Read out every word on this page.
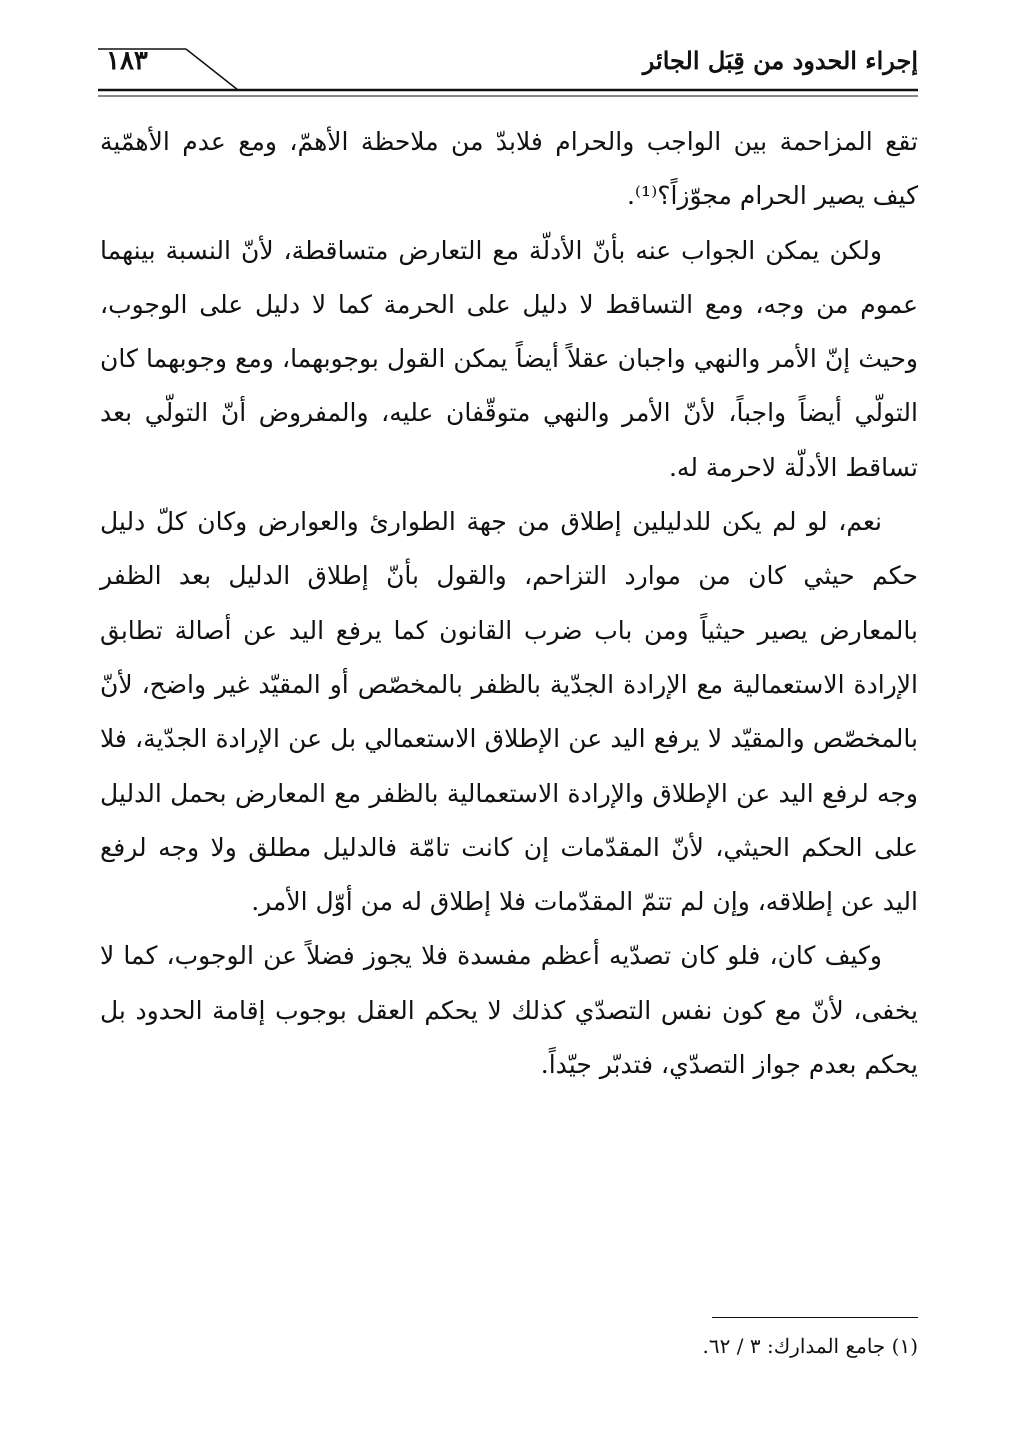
إجراء الحدود من قِبَل الجائر
١٨٣

تقع المزاحمة بين الواجب والحرام فلابدّ من ملاحظة الأهمّ، ومع عدم الأهمّية كيف يصير الحرام مجوّزاً؟⁽¹⁾.

ولكن يمكن الجواب عنه بأنّ الأدلّة مع التعارض متساقطة، لأنّ النسبة بينهما عموم من وجه، ومع التساقط لا دليل على الحرمة كما لا دليل على الوجوب، وحيث إنّ الأمر والنهي واجبان عقلاً أيضاً يمكن القول بوجوبهما، ومع وجوبهما كان التولّي أيضاً واجباً، لأنّ الأمر والنهي متوقّفان عليه، والمفروض أنّ التولّي بعد تساقط الأدلّة لاحرمة له.

نعم، لو لم يكن للدليلين إطلاق من جهة الطوارئ والعوارض وكان كلّ دليل حكم حيثي كان من موارد التزاحم، والقول بأنّ إطلاق الدليل بعد الظفر بالمعارض يصير حيثياً ومن باب ضرب القانون كما يرفع اليد عن أصالة تطابق الإرادة الاستعمالية مع الإرادة الجدّية بالظفر بالمخصّص أو المقيّد غير واضح، لأنّ بالمخصّص والمقيّد لا يرفع اليد عن الإطلاق الاستعمالي بل عن الإرادة الجدّية، فلا وجه لرفع اليد عن الإطلاق والإرادة الاستعمالية بالظفر مع المعارض بحمل الدليل على الحكم الحيثي، لأنّ المقدّمات إن كانت تامّة فالدليل مطلق ولا وجه لرفع اليد عن إطلاقه، وإن لم تتمّ المقدّمات فلا إطلاق له من أوّل الأمر.

وكيف كان، فلو كان تصدّيه أعظم مفسدة فلا يجوز فضلاً عن الوجوب، كما لا يخفى، لأنّ مع كون نفس التصدّي كذلك لا يحكم العقل بوجوب إقامة الحدود بل يحكم بعدم جواز التصدّي، فتدبّر جيّداً.

(١) جامع المدارك: ٣ / ٦٢.
